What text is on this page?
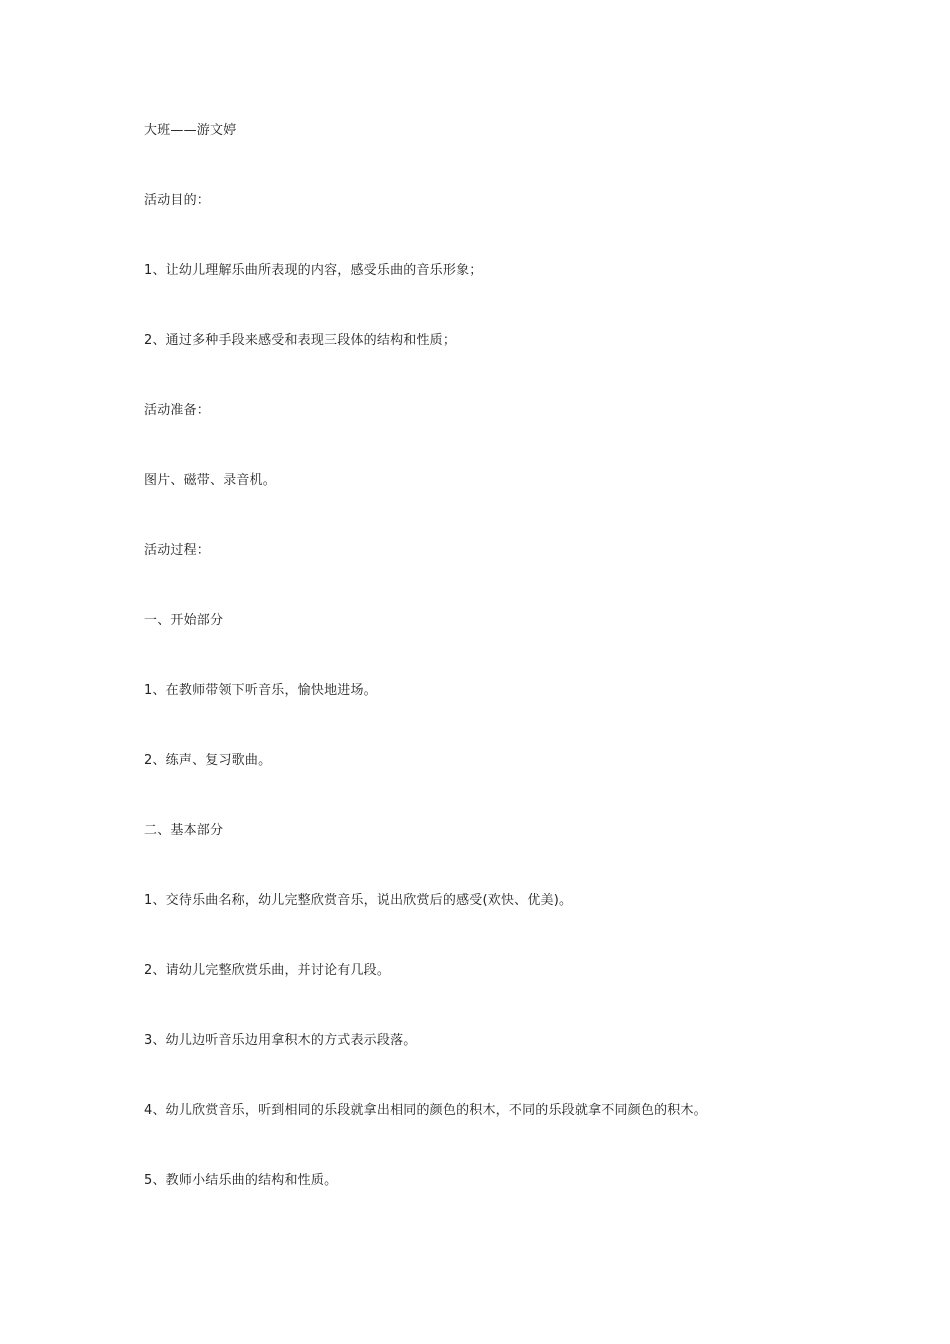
大班——游文婷
活动目的：
1、让幼儿理解乐曲所表现的内容，感受乐曲的音乐形象；
2、通过多种手段来感受和表现三段体的结构和性质；
活动准备：
图片、磁带、录音机。
活动过程：
一、开始部分
1、在教师带领下听音乐，愉快地进场。
2、练声、复习歌曲。
二、基本部分
1、交待乐曲名称，幼儿完整欣赏音乐，说出欣赏后的感受(欢快、优美)。
2、请幼儿完整欣赏乐曲，并讨论有几段。
3、幼儿边听音乐边用拿积木的方式表示段落。
4、幼儿欣赏音乐，听到相同的乐段就拿出相同的颜色的积木，不同的乐段就拿不同颜色的积木。
5、教师小结乐曲的结构和性质。
